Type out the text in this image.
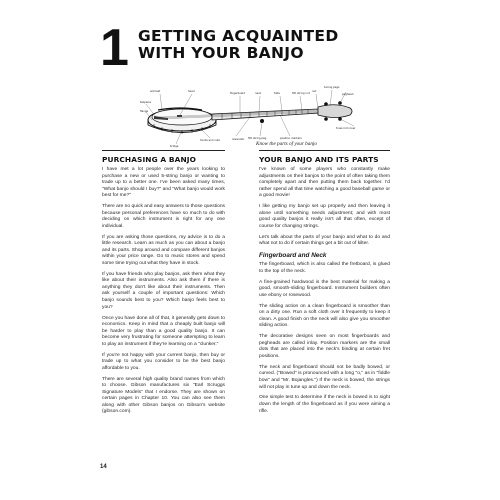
1 GETTING ACQUAINTED
WITH YOUR BANJO
armrest
tailpiece
flange
head
bridge
hooks and nuts	resonator
fingerboard	neck	frets
5th string peg	position markers
5th string nut
nut
tuning pegs
peghead
truss rod cover
Know the parts of your banjo
PURCHASING A BANJO

I have met a lot people over the years looking to purchase a new or used 5-string banjo or wanting to trade up to a better one. I've been asked many times, "What banjo should I buy?" and "What banjo would work best for me?"

There are no quick and easy answers to those questions because personal preferences have so much to do with deciding on which instrument is right for any one individual.

If you are asking those questions, my advice is to do a little research. Learn as much as you can about a banjo and its parts. Shop around and compare different banjos within your price range. Go to music stores and spend some time trying out what they have in stock.

If you have friends who play banjos, ask them what they like about their instruments. Also ask them if there is anything they don't like about their instruments. Then ask yourself a couple of important questions: Which banjo sounds best to you? Which banjo feels best to you?

Once you have done all of that, it generally gets down to economics. Keep in mind that a cheaply built banjo will be harder to play than a good quality banjo. It can become very frustrating for someone attempting to learn to play an instrument if they're learning on a "clunker."

If you're not happy with your current banjo, then buy or trade up to what you consider to be the best banjo affordable to you.

There are several high quality brand names from which to choose. Gibson manufactures six "Earl Scruggs Signature Models" that I endorse. They are shown on certain pages in Chapter 10. You can also see them along with other Gibson banjos on Gibson's website (gibson.com).

YOUR BANJO AND ITS PARTS

I've known of some players who constantly make adjustments on their banjos to the point of often taking them completely apart and then putting them back together. I'd rather spend all that time watching a good baseball game or a good movie!

I like getting my banjo set up properly and then leaving it alone until something needs adjustment; and with most good quality banjos it really isn't all that often, except of course for changing strings.

Let's talk about the parts of your banjo and what to do and what not to do if certain things get a bit out of kilter.

Fingerboard and Neck

The fingerboard, which is also called the fretboard, is glued to the top of the neck.

A fine-grained hardwood is the best material for making a good, smooth-sliding fingerboard. Instrument builders often use ebony or rosewood.

The sliding action on a clean fingerboard is smoother than on a dirty one. Run a soft cloth over it frequently to keep it clean. A good finish on the neck will also give you smoother sliding action.

The decorative designs seen on most fingerboards and pegheads are called inlay. Position markers are the small dots that are placed into the neck's binding at certain fret positions.

The neck and fingerboard should not be badly bowed, or curved. ("Bowed" is pronounced with a long "o," as in "fiddle bow" and "Mr. Bojangles.") If the neck is bowed, the strings will not play in tune up and down the neck.

One simple test to determine if the neck is bowed is to sight down the length of the fingerboard as if you were aiming a rifle.

14
